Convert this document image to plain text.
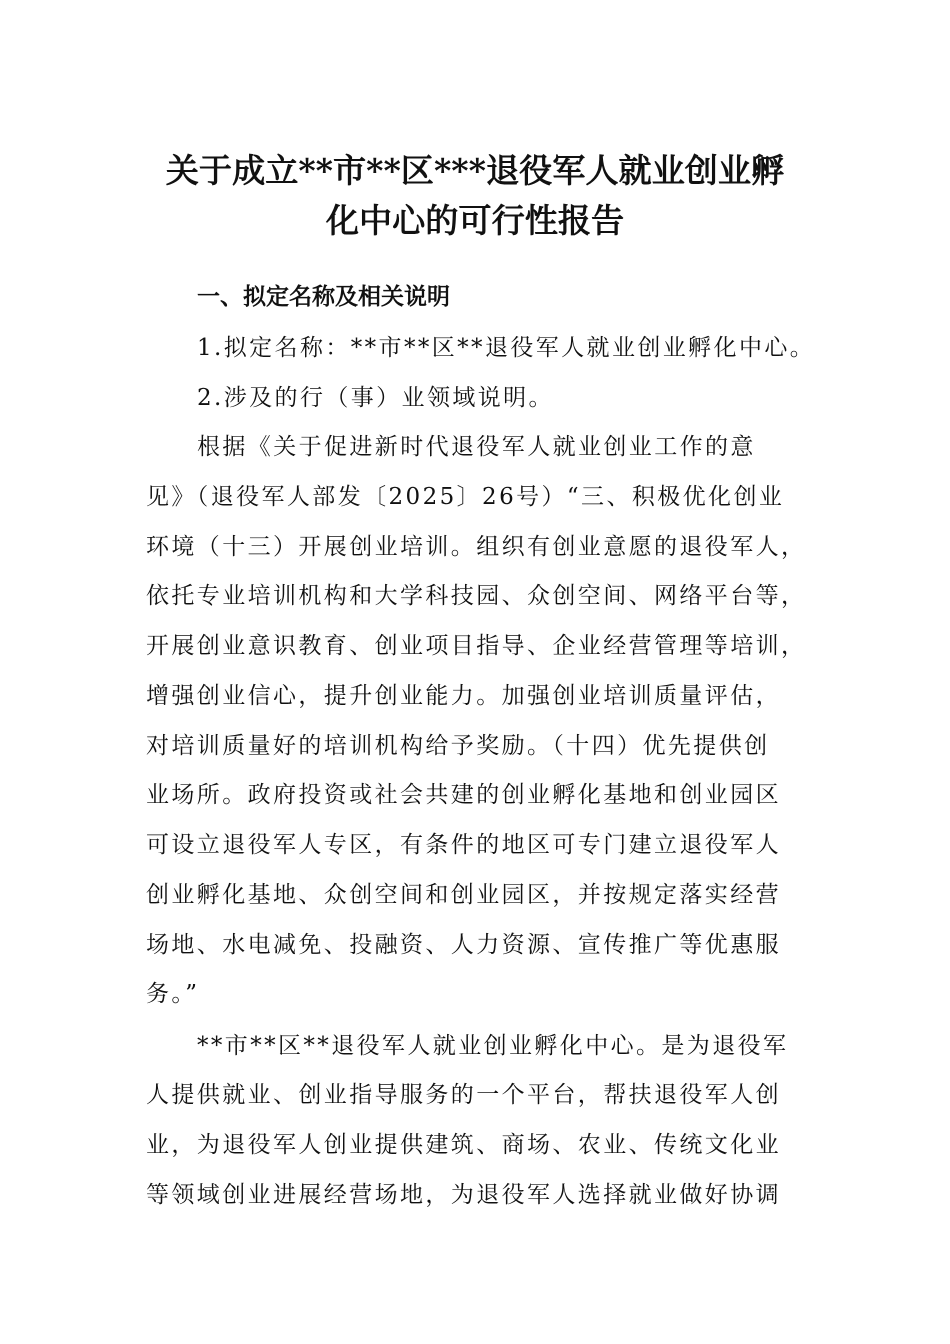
关于成立**市**区***退役军人就业创业孵
化中心的可行性报告
一、拟定名称及相关说明
1.拟定名称：**市**区**退役军人就业创业孵化中心。
2.涉及的行（事）业领域说明。
根据《关于促进新时代退役军人就业创业工作的意
见》（退役军人部发〔2025〕26号）“三、积极优化创业
环境（十三）开展创业培训。组织有创业意愿的退役军人，
依托专业培训机构和大学科技园、众创空间、网络平台等，
开展创业意识教育、创业项目指导、企业经营管理等培训，
增强创业信心，提升创业能力。加强创业培训质量评估，
对培训质量好的培训机构给予奖励。（十四）优先提供创
业场所。政府投资或社会共建的创业孵化基地和创业园区
可设立退役军人专区，有条件的地区可专门建立退役军人
创业孵化基地、众创空间和创业园区，并按规定落实经营
场地、水电减免、投融资、人力资源、宣传推广等优惠服
务。”
**市**区**退役军人就业创业孵化中心。是为退役军
人提供就业、创业指导服务的一个平台，帮扶退役军人创
业，为退役军人创业提供建筑、商场、农业、传统文化业
等领域创业进展经营场地，为退役军人选择就业做好协调
